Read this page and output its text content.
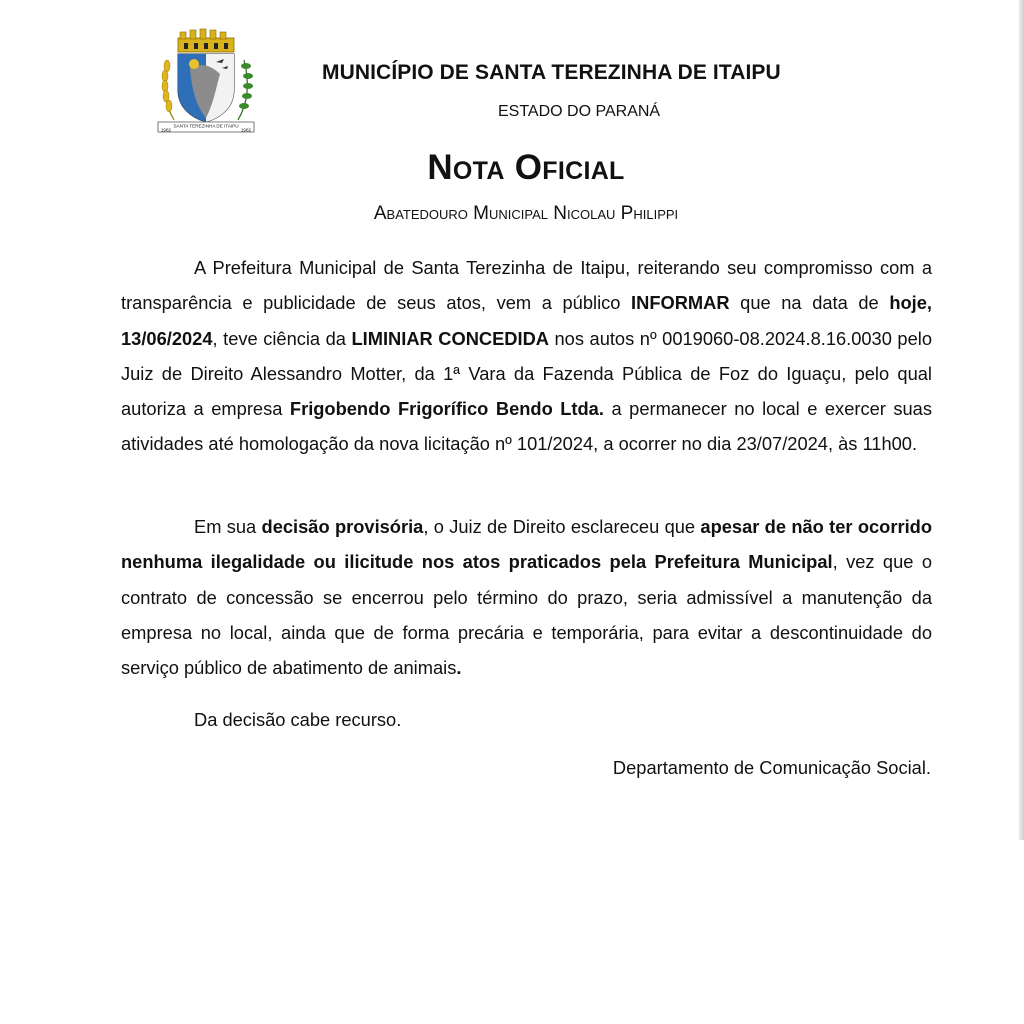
SANTA TEREZINHA DE ITAIPU
1982	1982
MUNICÍPIO DE SANTA TEREZINHA DE ITAIPU
ESTADO DO PARANÁ
Nota Oficial
Abatedouro Municipal Nicolau Philippi

A Prefeitura Municipal de Santa Terezinha de Itaipu, reiterando seu compromisso com a transparência e publicidade de seus atos, vem a público INFORMAR que na data de hoje, 13/06/2024, teve ciência da LIMINIAR CONCEDIDA nos autos nº 0019060-08.2024.8.16.0030 pelo Juiz de Direito Alessandro Motter, da 1ª Vara da Fazenda Pública de Foz do Iguaçu, pelo qual autoriza a empresa Frigobendo Frigorífico Bendo Ltda. a permanecer no local e exercer suas atividades até homologação da nova licitação nº 101/2024, a ocorrer no dia 23/07/2024, às 11h00.

Em sua decisão provisória, o Juiz de Direito esclareceu que apesar de não ter ocorrido nenhuma ilegalidade ou ilicitude nos atos praticados pela Prefeitura Municipal, vez que o contrato de concessão se encerrou pelo término do prazo, seria admissível a manutenção da empresa no local, ainda que de forma precária e temporária, para evitar a descontinuidade do serviço público de abatimento de animais.

Da decisão cabe recurso.

Departamento de Comunicação Social.
